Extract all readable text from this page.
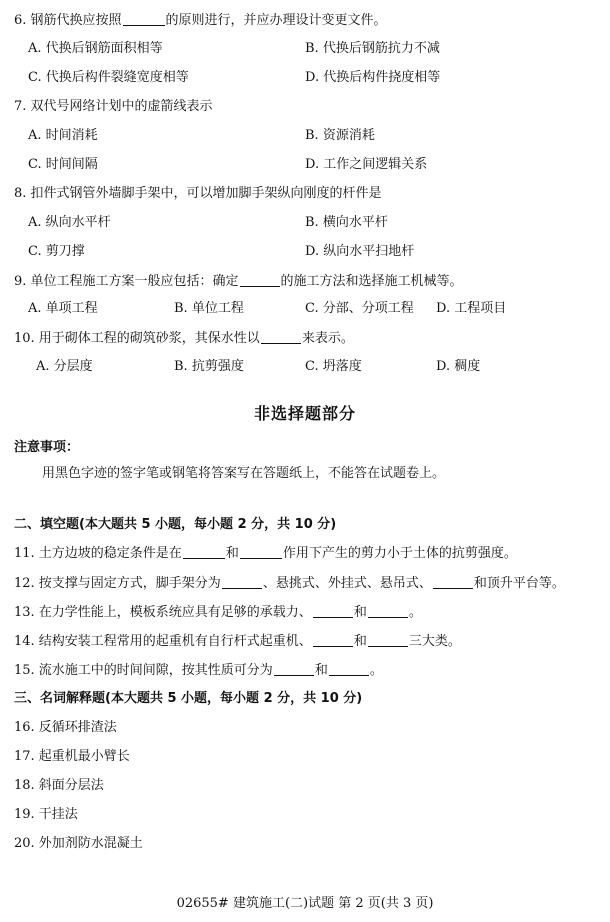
6. 钢筋代换应按照	的原则进行，并应办理设计变更文件。
A. 代换后钢筋面积相等	B. 代换后钢筋抗力不减
C. 代换后构件裂缝宽度相等	D. 代换后构件挠度相等
7. 双代号网络计划中的虚箭线表示
A. 时间消耗	B. 资源消耗
C. 时间间隔	D. 工作之间逻辑关系
8. 扣件式钢管外墙脚手架中，可以增加脚手架纵向刚度的杆件是
A. 纵向水平杆	B. 横向水平杆
C. 剪刀撑	D. 纵向水平扫地杆
9. 单位工程施工方案一般应包括：确定	的施工方法和选择施工机械等。
A. 单项工程	B. 单位工程	C. 分部、分项工程 D. 工程项目
10. 用于砌体工程的砌筑砂浆，其保水性以	来表示。
A. 分层度	B. 抗剪强度	C. 坍落度	D. 稠度
非选择题部分
注意事项：
用黑色字迹的签字笔或钢笔将答案写在答题纸上，不能答在试题卷上。
二、填空题(本大题共 5 小题，每小题 2 分，共 10 分)
11. 土方边坡的稳定条件是在	和	作用下产生的剪力小于土体的抗剪强度。
12. 按支撑与固定方式，脚手架分为	、悬挑式、外挂式、悬吊式、	和顶升平台等。
13. 在力学性能上，模板系统应具有足够的承载力、	和	。
14. 结构安装工程常用的起重机有自行杆式起重机、	和	三大类。
15. 流水施工中的时间间隙，按其性质可分为	和	。
三、名词解释题(本大题共 5 小题，每小题 2 分，共 10 分)
16. 反循环排渣法
17. 起重机最小臂长
18. 斜面分层法
19. 干挂法
20. 外加剂防水混凝土
02655# 建筑施工(二)试题 第 2 页(共 3 页)
